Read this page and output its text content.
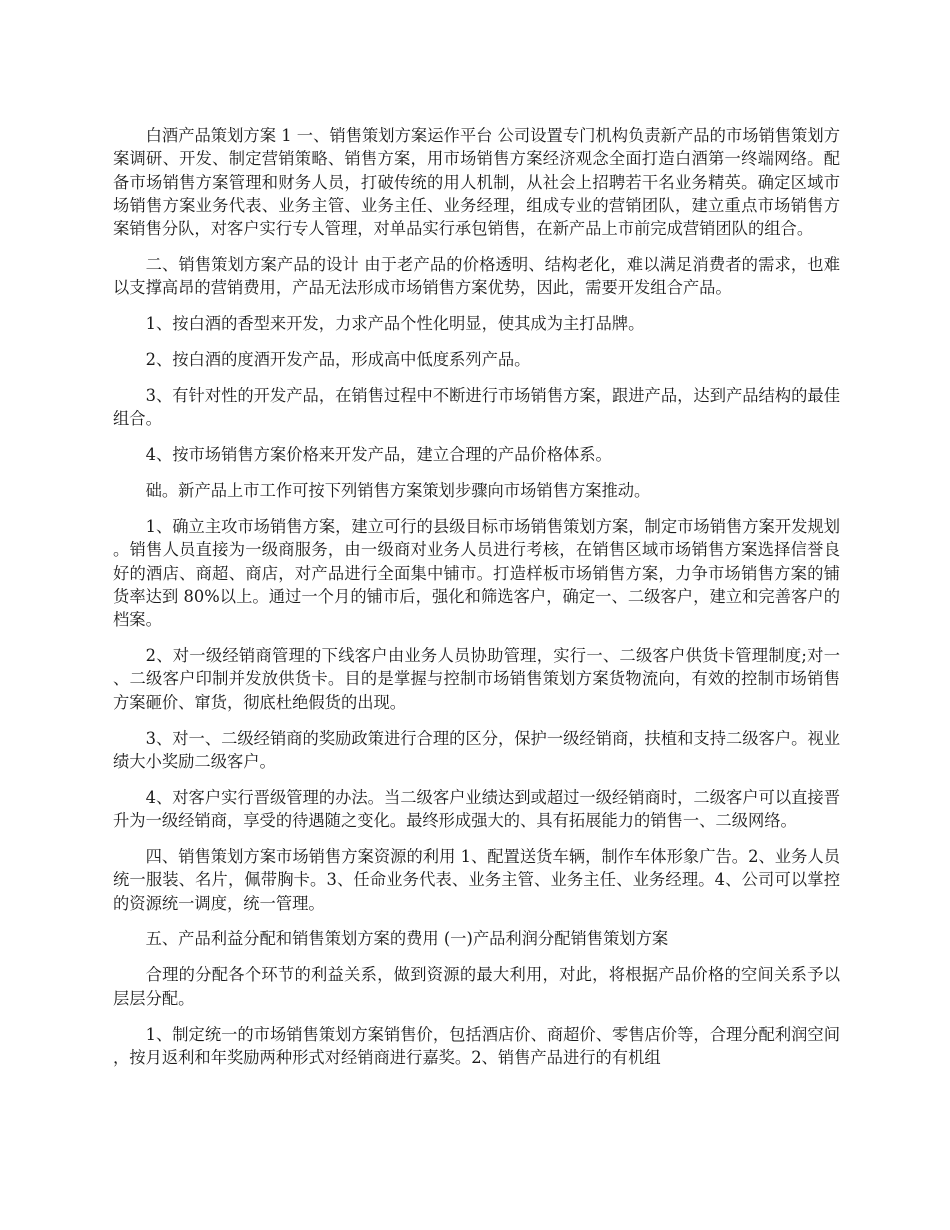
白酒产品策划方案 1 一、销售策划方案运作平台 公司设置专门机构负责新产品的市场销售策划方案调研、开发、制定营销策略、销售方案，用市场销售方案经济观念全面打造白酒第一终端网络。配备市场销售方案管理和财务人员，打破传统的用人机制，从社会上招聘若干名业务精英。确定区域市场销售方案业务代表、业务主管、业务主任、业务经理，组成专业的营销团队，建立重点市场销售方案销售分队，对客户实行专人管理，对单品实行承包销售，在新产品上市前完成营销团队的组合。

二、销售策划方案产品的设计 由于老产品的价格透明、结构老化，难以满足消费者的需求，也难以支撑高昂的营销费用，产品无法形成市场销售方案优势，因此，需要开发组合产品。

1、按白酒的香型来开发，力求产品个性化明显，使其成为主打品牌。

2、按白酒的度酒开发产品，形成高中低度系列产品。

3、有针对性的开发产品，在销售过程中不断进行市场销售方案，跟进产品，达到产品结构的最佳组合。

4、按市场销售方案价格来开发产品，建立合理的产品价格体系。

础。新产品上市工作可按下列销售方案策划步骤向市场销售方案推动。

1、确立主攻市场销售方案，建立可行的县级目标市场销售策划方案，制定市场销售方案开发规划。销售人员直接为一级商服务，由一级商对业务人员进行考核，在销售区域市场销售方案选择信誉良好的酒店、商超、商店，对产品进行全面集中铺市。打造样板市场销售方案，力争市场销售方案的铺货率达到 80%以上。通过一个月的铺市后，强化和筛选客户，确定一、二级客户，建立和完善客户的档案。

2、对一级经销商管理的下线客户由业务人员协助管理，实行一、二级客户供货卡管理制度;对一、二级客户印制并发放供货卡。目的是掌握与控制市场销售策划方案货物流向，有效的控制市场销售方案砸价、窜货，彻底杜绝假货的出现。

3、对一、二级经销商的奖励政策进行合理的区分，保护一级经销商，扶植和支持二级客户。视业绩大小奖励二级客户。

4、对客户实行晋级管理的办法。当二级客户业绩达到或超过一级经销商时，二级客户可以直接晋升为一级经销商，享受的待遇随之变化。最终形成强大的、具有拓展能力的销售一、二级网络。

四、销售策划方案市场销售方案资源的利用 1、配置送货车辆，制作车体形象广告。2、业务人员统一服装、名片，佩带胸卡。3、任命业务代表、业务主管、业务主任、业务经理。4、公司可以掌控的资源统一调度，统一管理。

五、产品利益分配和销售策划方案的费用 (一)产品利润分配销售策划方案

合理的分配各个环节的利益关系，做到资源的最大利用，对此，将根据产品价格的空间关系予以层层分配。

1、制定统一的市场销售策划方案销售价，包括酒店价、商超价、零售店价等，合理分配利润空间，按月返利和年奖励两种形式对经销商进行嘉奖。2、销售产品进行的有机组
